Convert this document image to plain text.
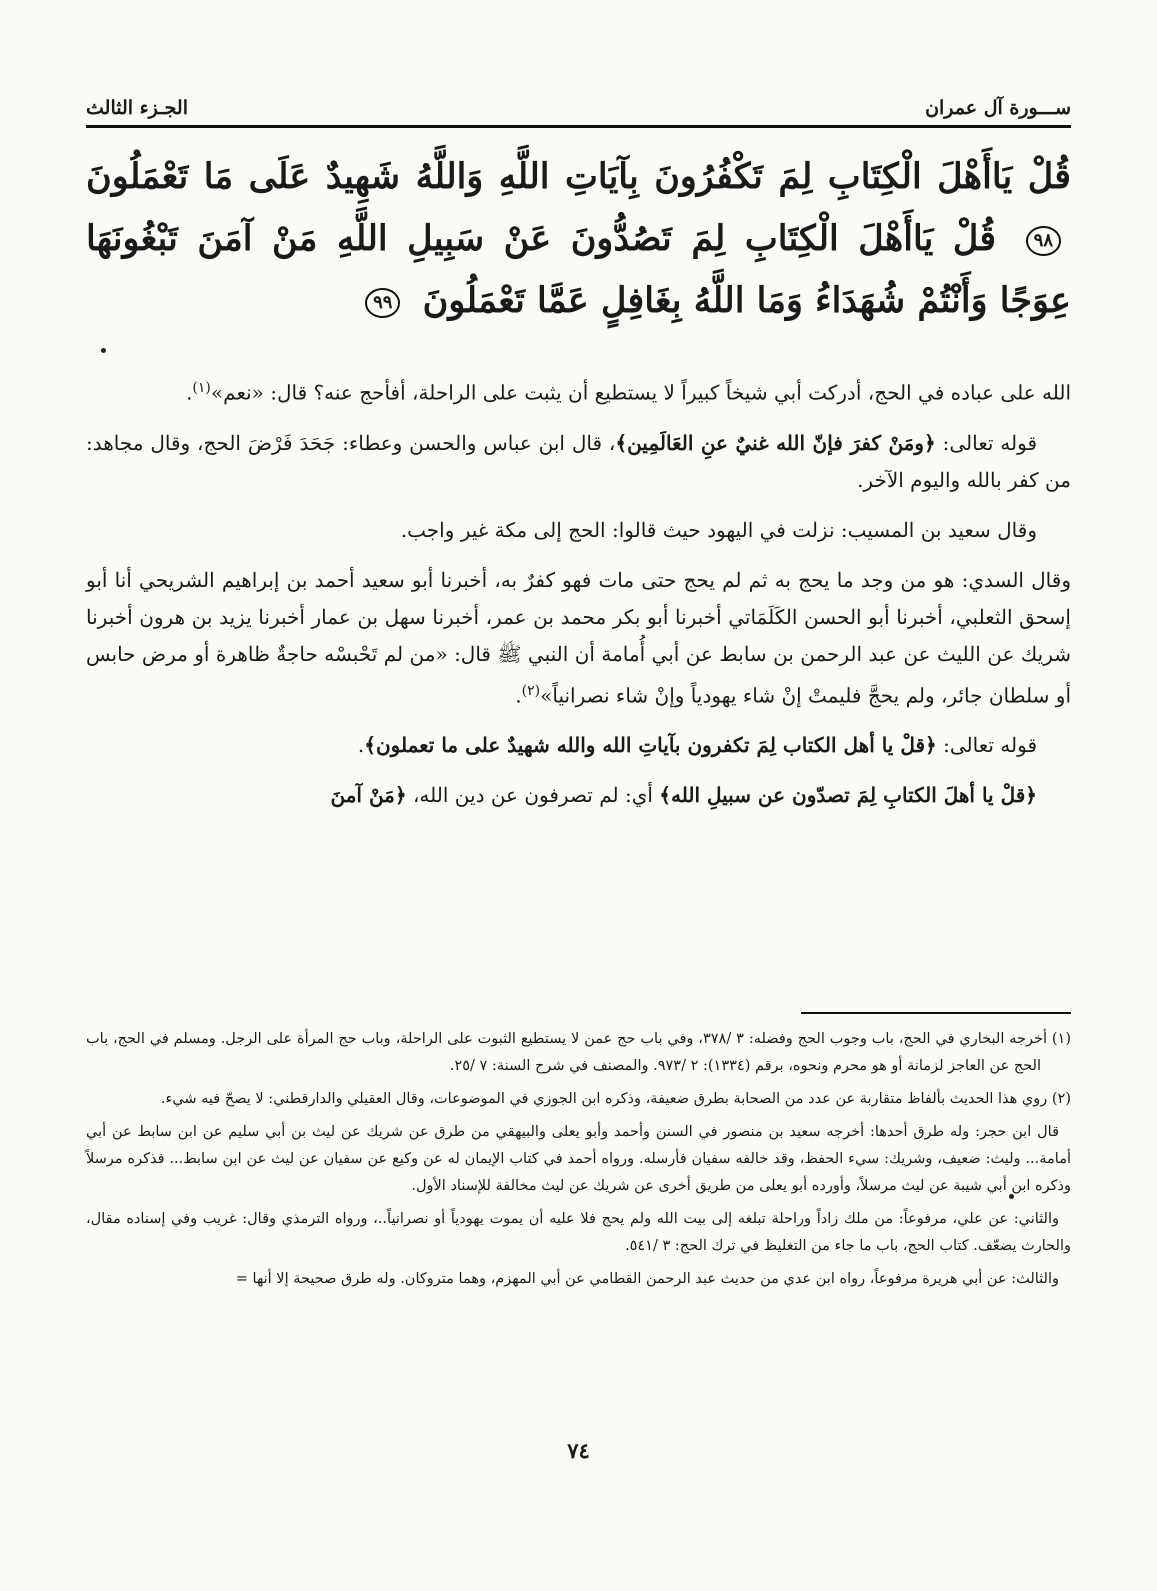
ســـورة آل عمران
الجـزء الثالث
قُلْ يَاأَهْلَ الْكِتَابِ لِمَ تَكْفُرُونَ بِآيَاتِ اللَّهِ وَاللَّهُ شَهِيدٌ عَلَى مَا تَعْمَلُونَ ٩٨ قُلْ يَاأَهْلَ الْكِتَابِ لِمَ تَصُدُّونَ عَنْ سَبِيلِ اللَّهِ مَنْ آمَنَ تَبْغُونَهَا عِوَجًا وَأَنْتُمْ شُهَدَاءُ وَمَا اللَّهُ بِغَافِلٍ عَمَّا تَعْمَلُونَ ٩٩

الله على عباده في الحج، أدركت أبي شيخاً كبيراً لا يستطيع أن يثبت على الراحلة، أفأحج عنه؟ قال: «نعم»$^{(١)}$.

قوله تعالى: ﴿ومَنْ كفرَ فإنّ الله غنيٌ عنِ العَالَمِين﴾، قال ابن عباس والحسن وعطاء: جَحَدَ فَرْضَ الحج، وقال مجاهد: من كفر بالله واليوم الآخر.

وقال سعيد بن المسيب: نزلت في اليهود حيث قالوا: الحج إلى مكة غير واجب.

وقال السدي: هو من وجد ما يحج به ثم لم يحج حتى مات فهو كفرٌ به، أخبرنا أبو سعيد أحمد بن إبراهيم الشريحي أنا أبو إسحق الثعلبي، أخبرنا أبو الحسن الكَلَمَاتي أخبرنا أبو بكر محمد بن عمر، أخبرنا سهل بن عمار أخبرنا يزيد بن هرون أخبرنا شريك عن الليث عن عبد الرحمن بن سابط عن أبي أُمامة أن النبي ﷺ قال: «من لم تَحْبسْه حاجةٌ ظاهرة أو مرض حابس أو سلطان جائر، ولم يحجَّ فليمتْ إنْ شاء يهودياً وإنْ شاء نصرانياً»$^{(٢)}$.

قوله تعالى: ﴿قلْ يا أهل الكتاب لِمَ تكفرون بآياتِ الله والله شهيدٌ على ما تعملون﴾.

﴿قلْ يا أهلَ الكتابِ لِمَ تصدّون عن سبيلِ الله﴾ أي: لم تصرفون عن دين الله، ﴿مَنْ آمنَ

(١) أخرجه البخاري في الحج، باب وجوب الحج وفضله: ٣ /٣٧٨، وفي باب حج عمن لا يستطيع الثبوت على الراحلة، وباب حج المرأة على الرجل. ومسلم في الحج، باب الحج عن العاجز لزمانة أو هو محرم ونحوه، برقم (١٣٣٤): ٢ /٩٧٣. والمصنف في شرح السنة: ٧ /٢٥.

(٢) روي هذا الحديث بألفاظ متقاربة عن عدد من الصحابة بطرق ضعيفة، وذكره ابن الجوزي في الموضوعات، وقال العقيلي والدارقطني: لا يصحّ فيه شيء.

قال ابن حجر: وله طرق أحدها: أخرجه سعيد بن منصور في السنن وأحمد وأبو يعلى والبيهقي من طرق عن شريك عن ليث بن أبي سليم عن ابن سابط عن أبي أمامة... وليث: ضعيف، وشريك: سيء الحفظ، وقد خالفه سفيان فأرسله. ورواه أحمد في كتاب الإيمان له عن وكيع عن سفيان عن ليث عن ابن سابط... فذكره مرسلاً وذكره ابن أبي شيبة عن ليث مرسلاً، وأورده أبو يعلى من طريق أخرى عن شريك عن ليث مخالفة للإسناد الأول.

والثاني: عن علي، مرفوعاً: من ملك زاداً وراحلة تبلغه إلى بيت الله ولم يحج فلا عليه أن يموت يهودياً أو نصرانياً..، ورواه الترمذي وقال: غريب وفي إسناده مقال، والحارث يضعّف. كتاب الحج، باب ما جاء من التغليظ في ترك الحج: ٣ /٥٤١.

والثالث: عن أبي هريرة مرفوعاً، رواه ابن عدي من حديث عبد الرحمن القطامي عن أبي المهزم، وهما متروكان. وله طرق صحيحة إلا أنها =

٧٤
